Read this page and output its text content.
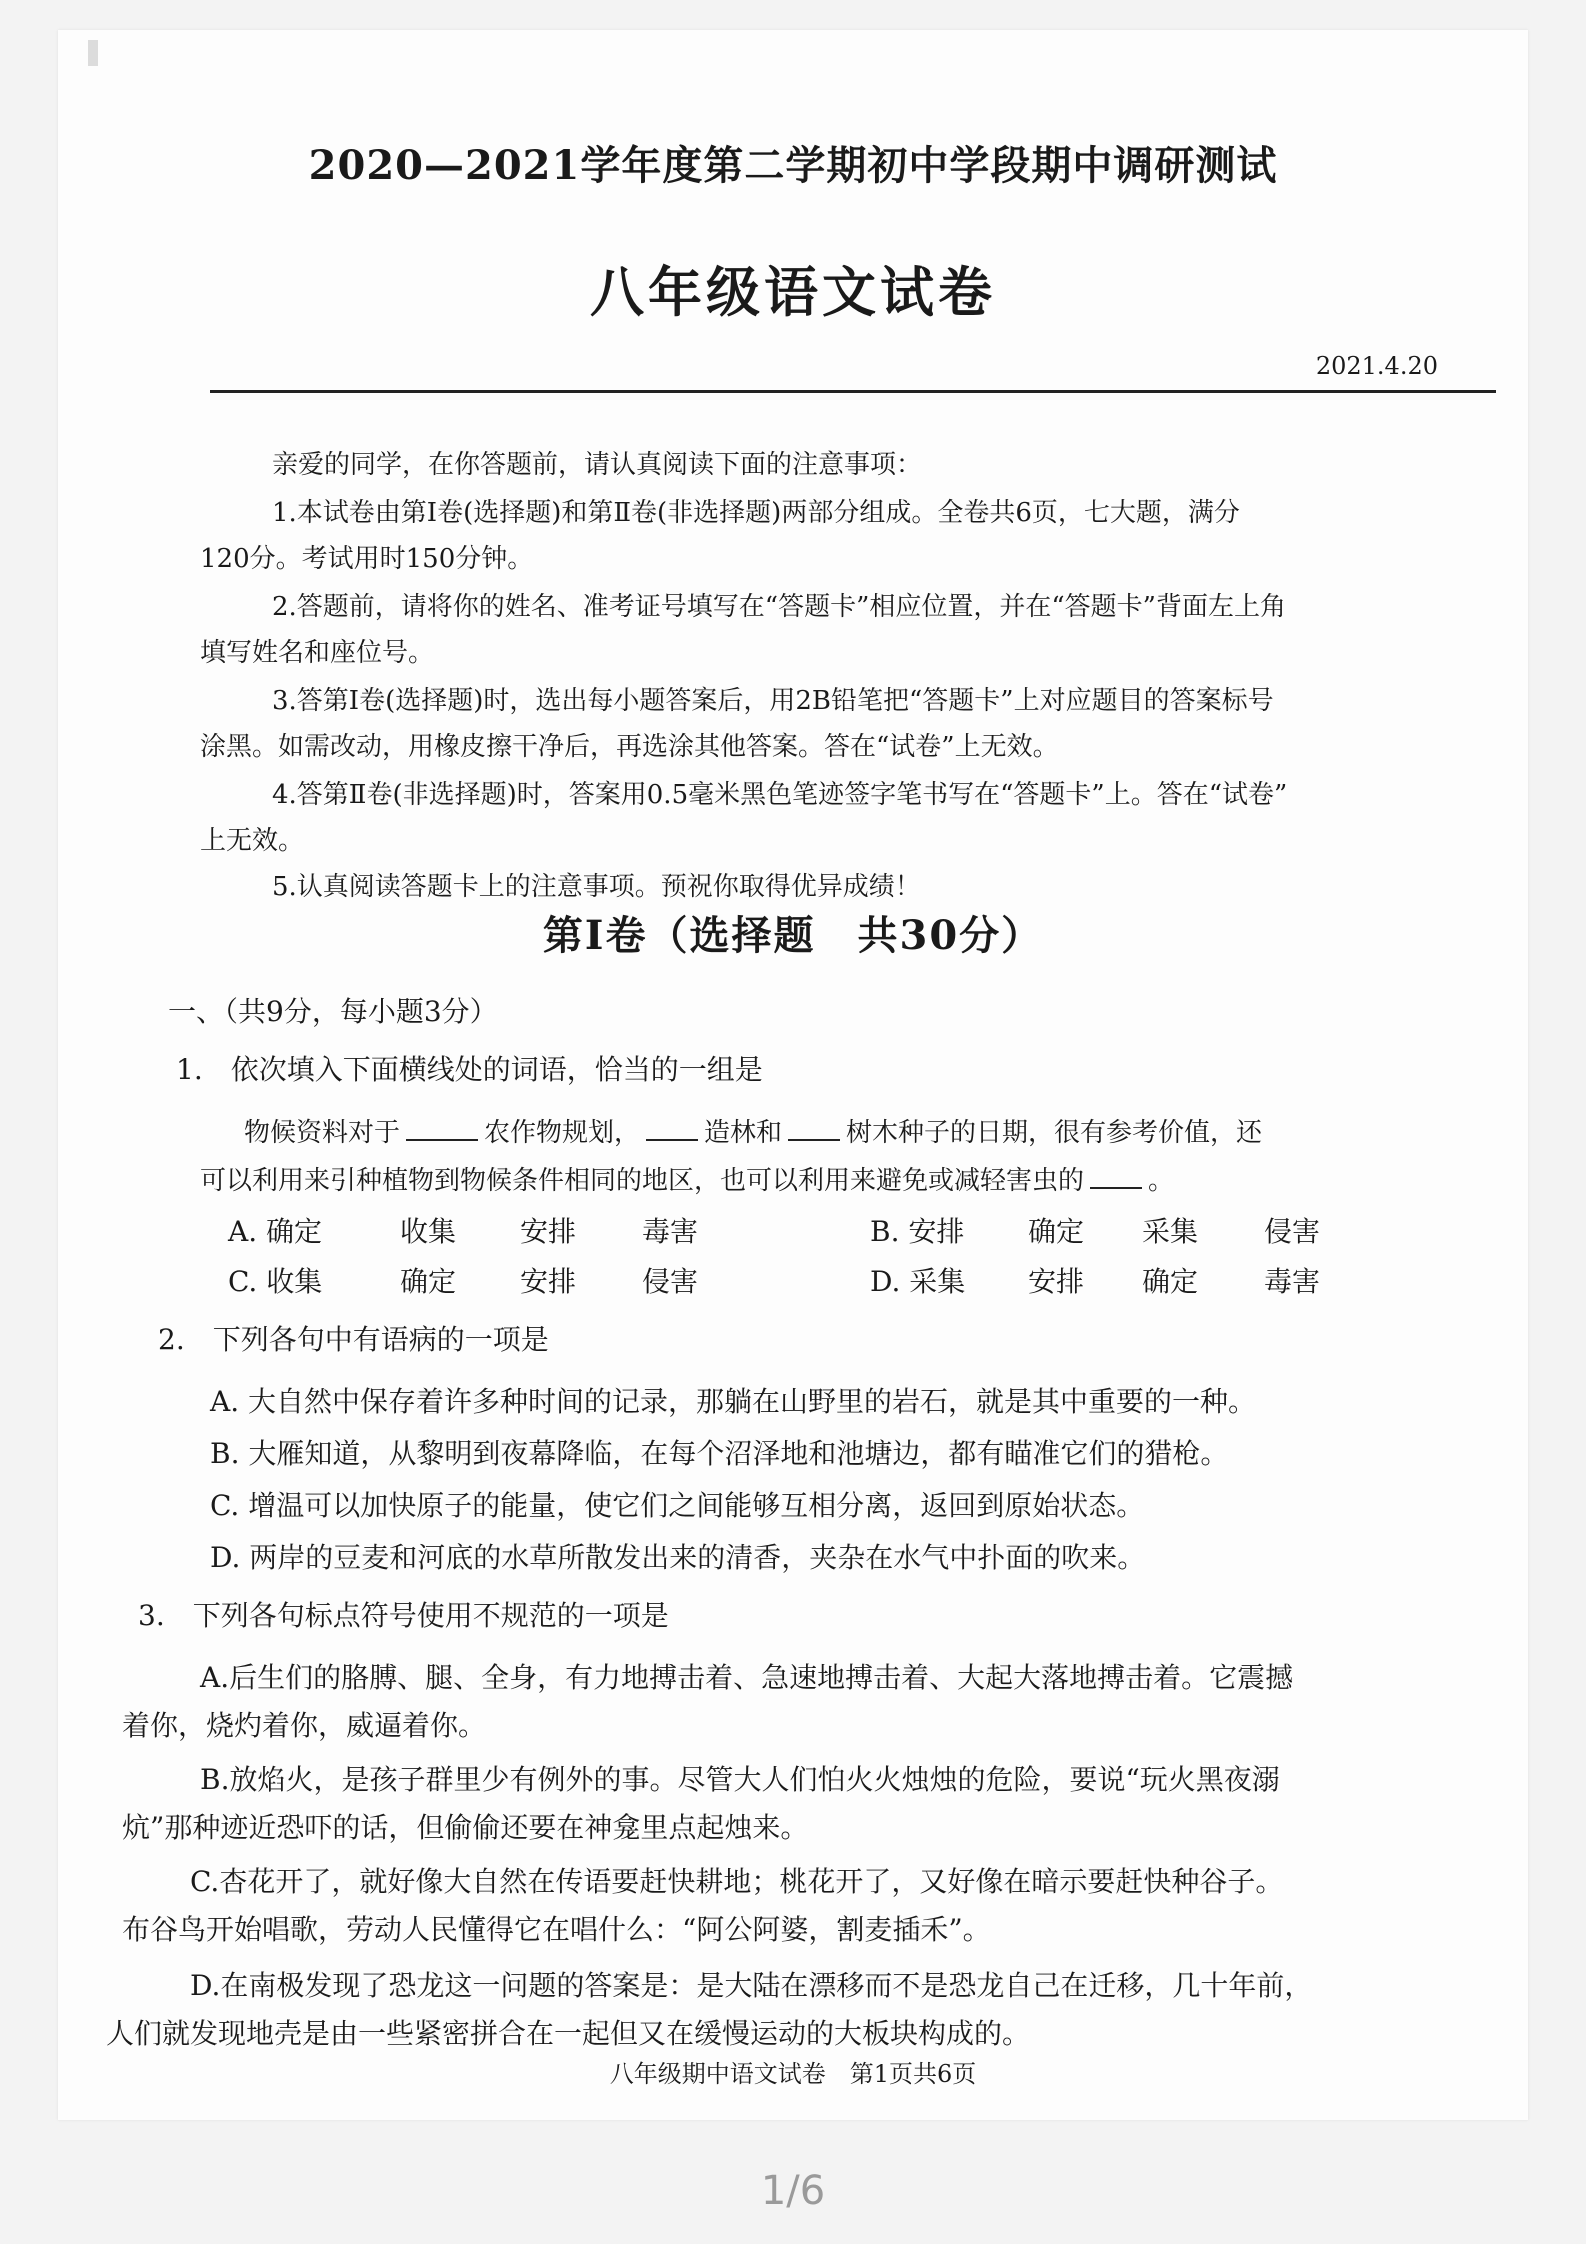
2020—2021学年度第二学期初中学段期中调研测试
八年级语文试卷
2021.4.20
亲爱的同学，在你答题前，请认真阅读下面的注意事项：
1.本试卷由第Ⅰ卷(选择题)和第Ⅱ卷(非选择题)两部分组成。全卷共6页，七大题，满分
120分。考试用时150分钟。
2.答题前，请将你的姓名、准考证号填写在“答题卡”相应位置，并在“答题卡”背面左上角
填写姓名和座位号。
3.答第Ⅰ卷(选择题)时，选出每小题答案后，用2B铅笔把“答题卡”上对应题目的答案标号
涂黑。如需改动，用橡皮擦干净后，再选涂其他答案。答在“试卷”上无效。
4.答第Ⅱ卷(非选择题)时，答案用0.5毫米黑色笔迹签字笔书写在“答题卡”上。答在“试卷”
上无效。
5.认真阅读答题卡上的注意事项。预祝你取得优异成绩！
第Ⅰ卷（选择题　共30分）
一、（共9分，每小题3分）
1.　依次填入下面横线处的词语，恰当的一组是
物候资料对于	农作物规划， 造林和 树木种子的日期，很有参考价值，还
可以利用来引种植物到物候条件相同的地区，也可以利用来避免或减轻害虫的 。
A. 确定	收集 安排 毒害	B. 安排 确定 采集 侵害
C. 收集	确定 安排 侵害	D. 采集 安排 确定 毒害
2.　下列各句中有语病的一项是
A. 大自然中保存着许多种时间的记录，那躺在山野里的岩石，就是其中重要的一种。
B. 大雁知道，从黎明到夜幕降临，在每个沼泽地和池塘边，都有瞄准它们的猎枪。
C. 增温可以加快原子的能量，使它们之间能够互相分离，返回到原始状态。
D. 两岸的豆麦和河底的水草所散发出来的清香，夹杂在水气中扑面的吹来。
3.　下列各句标点符号使用不规范的一项是
A.后生们的胳膊、腿、全身，有力地搏击着、急速地搏击着、大起大落地搏击着。它震撼
着你，烧灼着你，威逼着你。
B.放焰火，是孩子群里少有例外的事。尽管大人们怕火火烛烛的危险，要说“玩火黑夜溺
炕”那种迹近恐吓的话，但偷偷还要在神龛里点起烛来。
C.杏花开了，就好像大自然在传语要赶快耕地；桃花开了，又好像在暗示要赶快种谷子。
布谷鸟开始唱歌，劳动人民懂得它在唱什么：“阿公阿婆，割麦插禾”。
D.在南极发现了恐龙这一问题的答案是：是大陆在漂移而不是恐龙自己在迁移，几十年前，
人们就发现地壳是由一些紧密拼合在一起但又在缓慢运动的大板块构成的。
八年级期中语文试卷　第1页共6页
1/6
